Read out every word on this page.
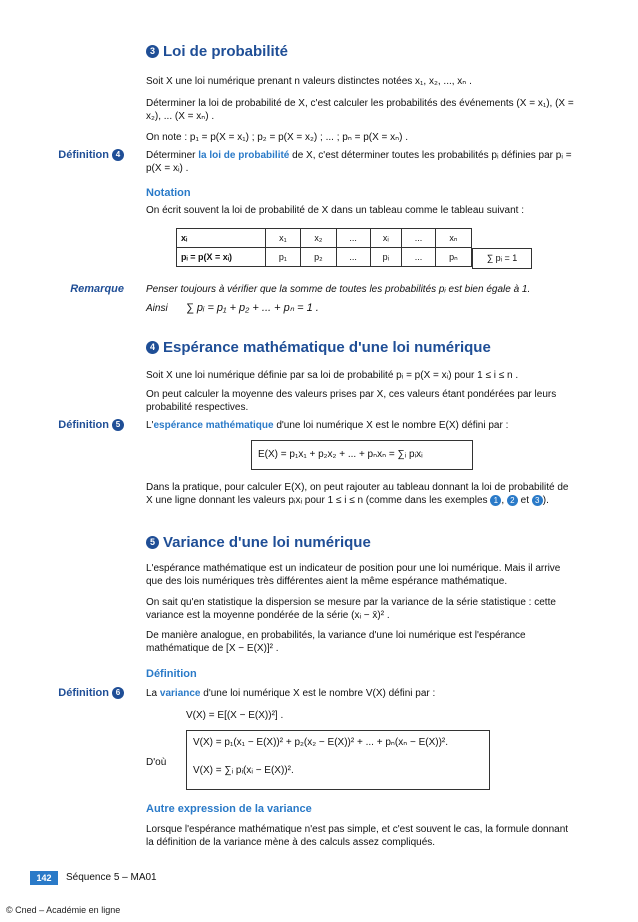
3 Loi de probabilité
Soit X une loi numérique prenant n valeurs distinctes notées x₁, x₂, ..., xₙ .
Déterminer la loi de probabilité de X, c'est calculer les probabilités des événements (X = x₁), (X = x₂), ... (X = xₙ) .
On note : p₁ = p(X = x₁) ; p₂ = p(X = x₂) ; ... ; pₙ = p(X = xₙ) .
Définition 4	Déterminer la loi de probabilité de X, c'est déterminer toutes les probabilités pᵢ définies par pᵢ = p(X = xᵢ) .
Notation
On écrit souvent la loi de probabilité de X dans un tableau comme le tableau suivant :
xᵢ	x₁	x₂	...	xᵢ	...	xₙ
pᵢ = p(X = xᵢ)	p₁	p₂	...	pᵢ	...	pₙ	∑ pᵢ = 1
Remarque Penser toujours à vérifier que la somme de toutes les probabilités pᵢ est bien égale à 1.
Ainsi ∑ pᵢ = p₁ + p₂ + ... + pₙ = 1 .
4 Espérance mathématique d'une loi numérique
Soit X une loi numérique définie par sa loi de probabilité pᵢ = p(X = xᵢ) pour 1 ≤ i ≤ n .
On peut calculer la moyenne des valeurs prises par X, ces valeurs étant pondérées par leurs probabilité respectives.
Définition 5	L'espérance mathématique d'une loi numérique X est le nombre E(X) défini par :
E(X) = p₁x₁ + p₂x₂ + ... + pₙxₙ = ∑ᵢ pᵢxᵢ
Dans la pratique, pour calculer E(X), on peut rajouter au tableau donnant la loi de probabilité de X une ligne donnant les valeurs pᵢxᵢ pour 1 ≤ i ≤ n (comme dans les exemples 1 , 2 et 3 ).
5 Variance d'une loi numérique
L'espérance mathématique est un indicateur de position pour une loi numérique. Mais il arrive que des lois numériques très différentes aient la même espérance mathématique.
On sait qu'en statistique la dispersion se mesure par la variance de la série statistique : cette variance est la moyenne pondérée de la série (xᵢ − x̄)² .
De manière analogue, en probabilités, la variance d'une loi numérique est l'espérance mathématique de [X − E(X)]² .
Définition
Définition 6	La variance d'une loi numérique X est le nombre V(X) défini par :
V(X) = E[(X − E(X))²] .
D'où
V(X) = p₁(x₁ − E(X))² + p₂(x₂ − E(X))² + ... + pₙ(xₙ − E(X))².
V(X) = ∑ᵢ pᵢ(xᵢ − E(X))².
Autre expression de la variance
Lorsque l'espérance mathématique n'est pas simple, et c'est souvent le cas, la formule donnant la définition de la variance mène à des calculs assez compliqués.
142	Séquence 5 – MA01
© Cned – Académie en ligne
